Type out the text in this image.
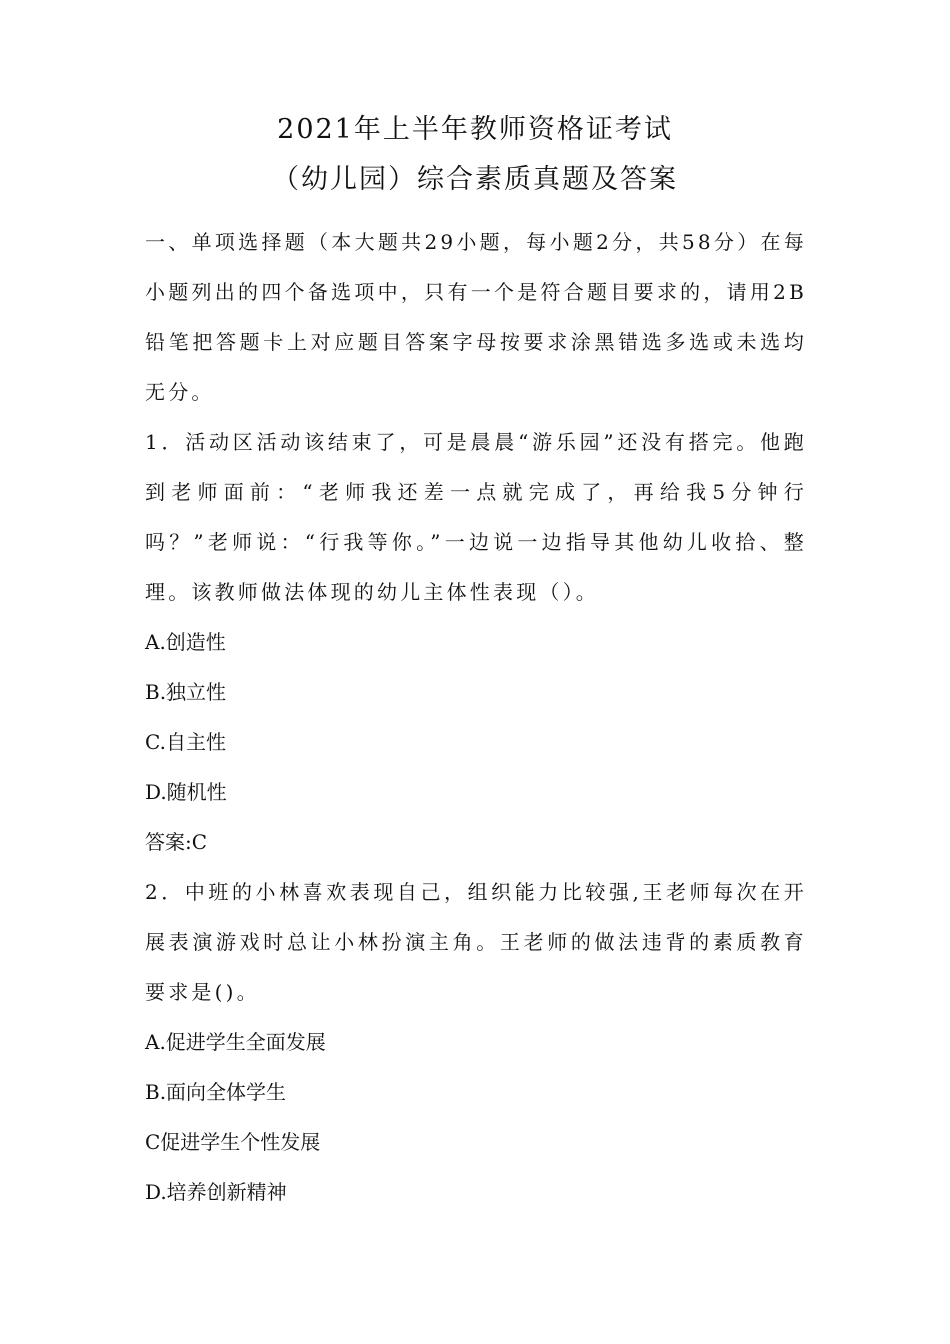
2021年上半年教师资格证考试
（幼儿园）综合素质真题及答案

一、单项选择题（本大题共29小题，每小题2分，共58分）在每小题列出的四个备选项中，只有一个是符合题目要求的，请用2B铅笔把答题卡上对应题目答案字母按要求涂黑错选多选或未选均无分。

1．活动区活动该结束了，可是晨晨“游乐园”还没有搭完。他跑到老师面前：“老师我还差一点就完成了，再给我5分钟行吗？”老师说：“行我等你。”一边说一边指导其他幼儿收拾、整理。该教师做法体现的幼儿主体性表现（）。

A.创造性

B.独立性

C.自主性

D.随机性

答案:C

2．中班的小林喜欢表现自己，组织能力比较强,王老师每次在开展表演游戏时总让小林扮演主角。王老师的做法违背的素质教育要求是()。

A.促进学生全面发展

B.面向全体学生

C促进学生个性发展

D.培养创新精神
